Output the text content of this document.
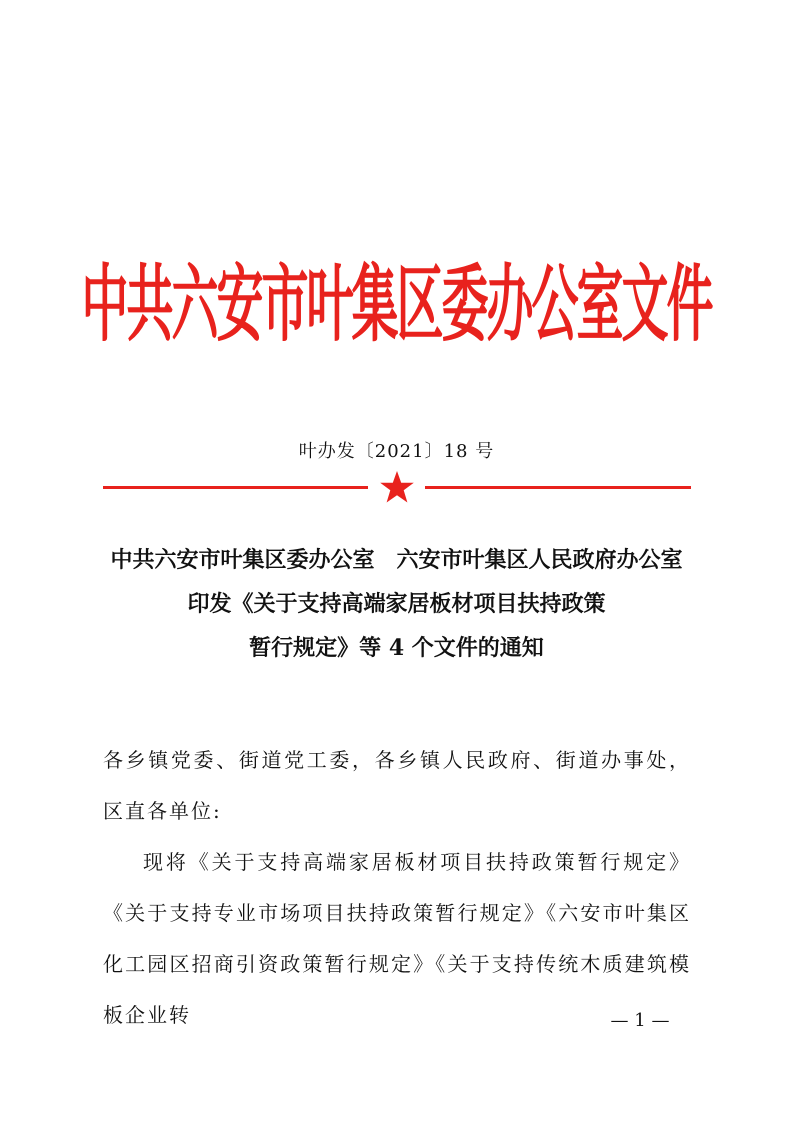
中共六安市叶集区委办公室文件
叶办发〔2021〕18 号
中共六安市叶集区委办公室　六安市叶集区人民政府办公室
印发《关于支持高端家居板材项目扶持政策
暂行规定》等 4 个文件的通知

各乡镇党委、街道党工委，各乡镇人民政府、街道办事处，区直各单位:

现将《关于支持高端家居板材项目扶持政策暂行规定》《关于支持专业市场项目扶持政策暂行规定》《六安市叶集区化工园区招商引资政策暂行规定》《关于支持传统木质建筑模板企业转	— 1 —
